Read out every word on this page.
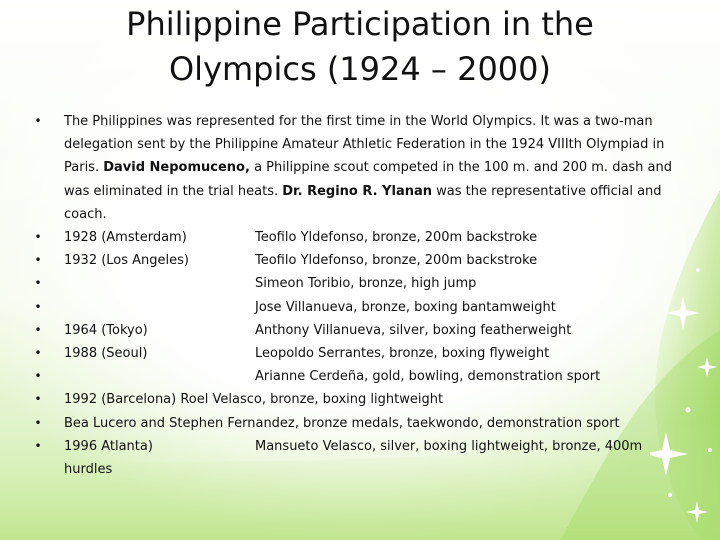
Philippine Participation in the
Olympics (1924 – 2000)
• The Philippines was represented for the first time in the World Olympics. It was a two-man delegation sent by the Philippine Amateur Athletic Federation in the 1924 VIIIth Olympiad in Paris. David Nepomuceno, a Philippine scout competed in the 100 m. and 200 m. dash and was eliminated in the trial heats. Dr. Regino R. Ylanan was the representative official and coach.
• 1928 (Amsterdam)	Teofilo Yldefonso, bronze, 200m backstroke

• 1932 (Los Angeles)	Teofilo Yldefonso, bronze, 200m backstroke

•	Simeon Toribio, bronze, high jump

•	Jose Villanueva, bronze, boxing bantamweight

• 1964 (Tokyo)	Anthony Villanueva, silver, boxing featherweight

• 1988 (Seoul)	Leopoldo Serrantes, bronze, boxing flyweight

•	Arianne Cerdeña, gold, bowling, demonstration sport

• 1992 (Barcelona) Roel Velasco, bronze, boxing lightweight
• Bea Lucero and Stephen Fernandez, bronze medals, taekwondo, demonstration sport
• 1996 Atlanta)	Mansueto Velasco, silver, boxing lightweight, bronze, 400m

hurdles
